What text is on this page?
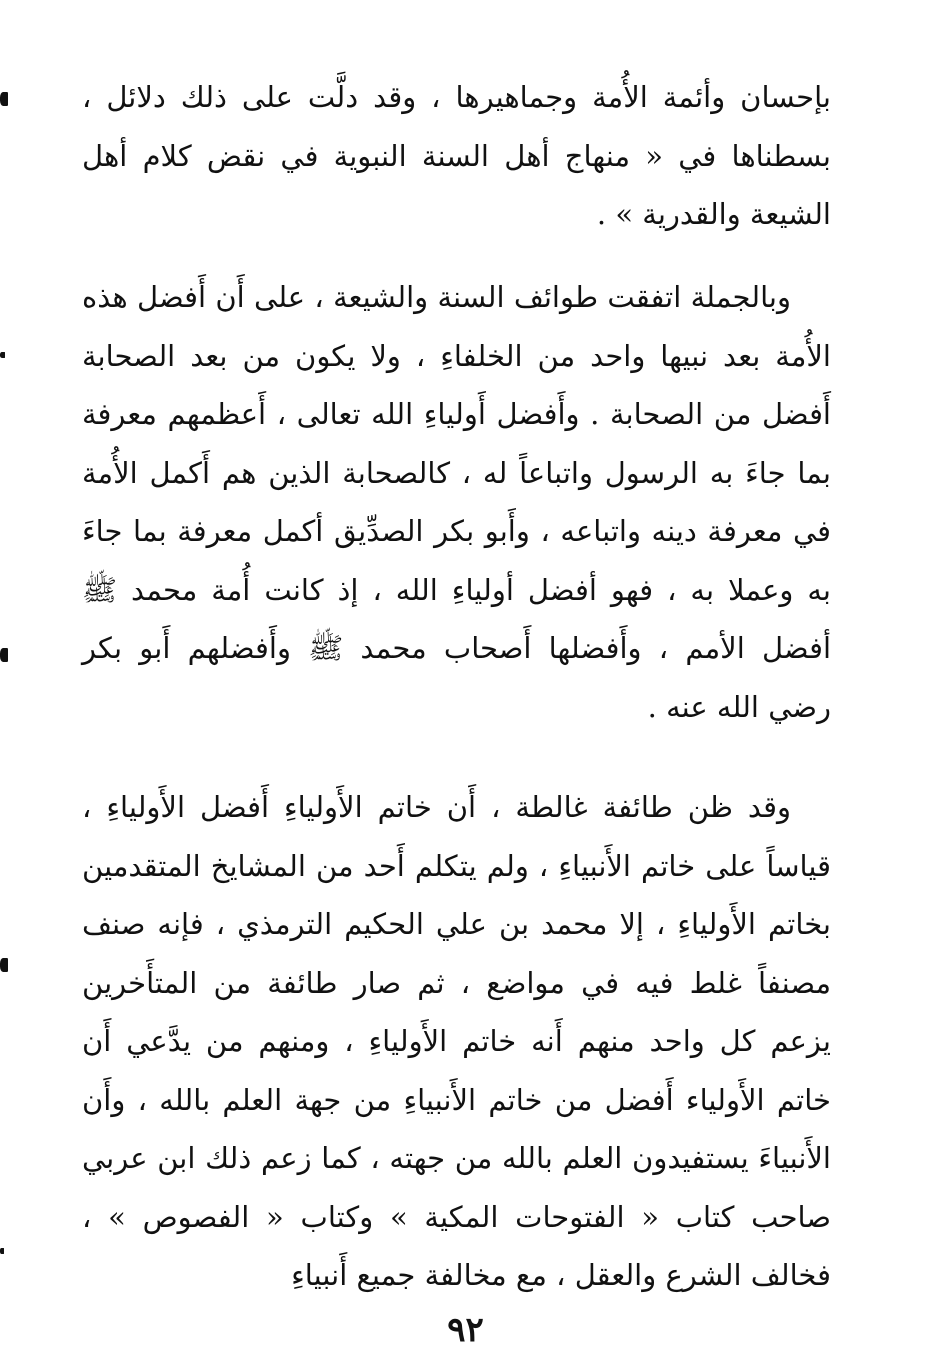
بإحسان وأئمة الأُمة وجماهيرها ، وقد دلَّت على ذلك دلائل ، بسطناها في « منهاج أهل السنة النبوية في نقض كلام أهل الشيعة والقدرية » .

وبالجملة اتفقت طوائف السنة والشيعة ، على أَن أَفضل هذه الأُمة بعد نبيها واحد من الخلفاءِ ، ولا يكون من بعد الصحابة أَفضل من الصحابة . وأَفضل أَولياءِ الله تعالى ، أَعظمهم معرفة بما جاءَ به الرسول واتباعاً له ، كالصحابة الذين هم أَكمل الأُمة في معرفة دينه واتباعه ، وأَبو بكر الصدِّيق أكمل معرفة بما جاءَ به وعملا به ، فهو أفضل أولياءِ الله ، إذ كانت أُمة محمد ﷺ أفضل الأمم ، وأَفضلها أَصحاب محمد ﷺ وأَفضلهم أَبو بكر رضي الله عنه .

وقد ظن طائفة غالطة ، أَن خاتم الأَولياءِ أَفضل الأَولياءِ ، قياساً على خاتم الأَنبياءِ ، ولم يتكلم أَحد من المشايخ المتقدمين بخاتم الأَولياءِ ، إلا محمد بن علي الحكيم الترمذي ، فإنه صنف مصنفاً غلط فيه في مواضع ، ثم صار طائفة من المتأَخرين يزعم كل واحد منهم أَنه خاتم الأَولياءِ ، ومنهم من يدَّعي أَن خاتم الأَولياء أَفضل من خاتم الأَنبياءِ من جهة العلم بالله ، وأَن الأَنبياءَ يستفيدون العلم بالله من جهته ، كما زعم ذلك ابن عربي صاحب كتاب « الفتوحات المكية » وكتاب « الفصوص » ، فخالف الشرع والعقل ، مع مخالفة جميع أَنبياءِ

٩٢
